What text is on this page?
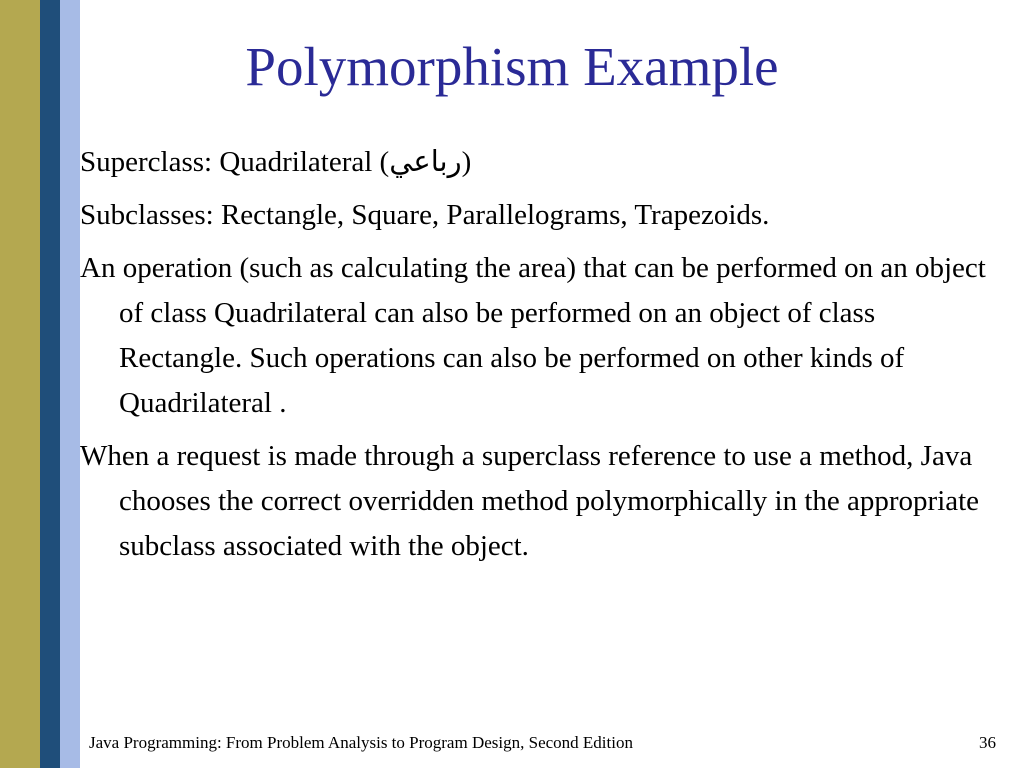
Polymorphism Example
Superclass: Quadrilateral (رباعي)
Subclasses: Rectangle, Square, Parallelograms, Trapezoids.
An operation (such as calculating the area) that can be performed on an object of class Quadrilateral can also be performed on an object of class Rectangle. Such operations can also be performed on other kinds of Quadrilateral .
When a request is made through a superclass reference to use a method, Java chooses the correct overridden method polymorphically in the appropriate subclass associated with the object.
Java Programming: From Problem Analysis to Program Design, Second Edition	36
